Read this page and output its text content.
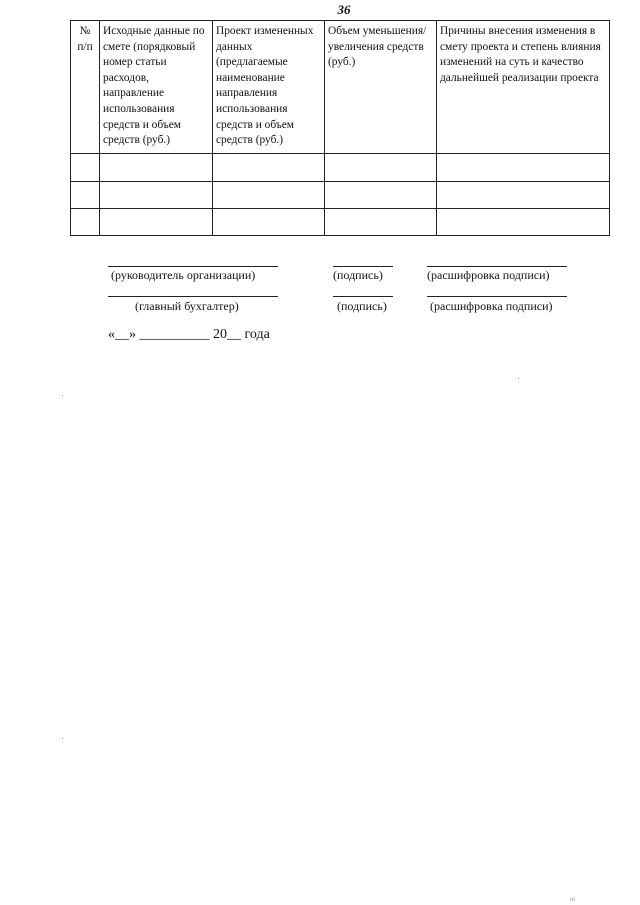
36
№ п/п	Исходные данные по смете (порядковый номер статьи расходов, направление использования средств и объем средств (руб.)	Проект измененных данных (предлагаемые наименование направления использования средств и объем средств (руб.)	Объем уменьшения/увеличения средств (руб.)	Причины внесения изменения в смету проекта и степень влияния изменений на суть и качество дальнейшей реализации проекта

(руководитель организации)	(подпись)	(расшифровка подписи)
(главный бухгалтер)	(подпись)	(расшифровка подписи)
«__» __________ 20__ года
ııı
